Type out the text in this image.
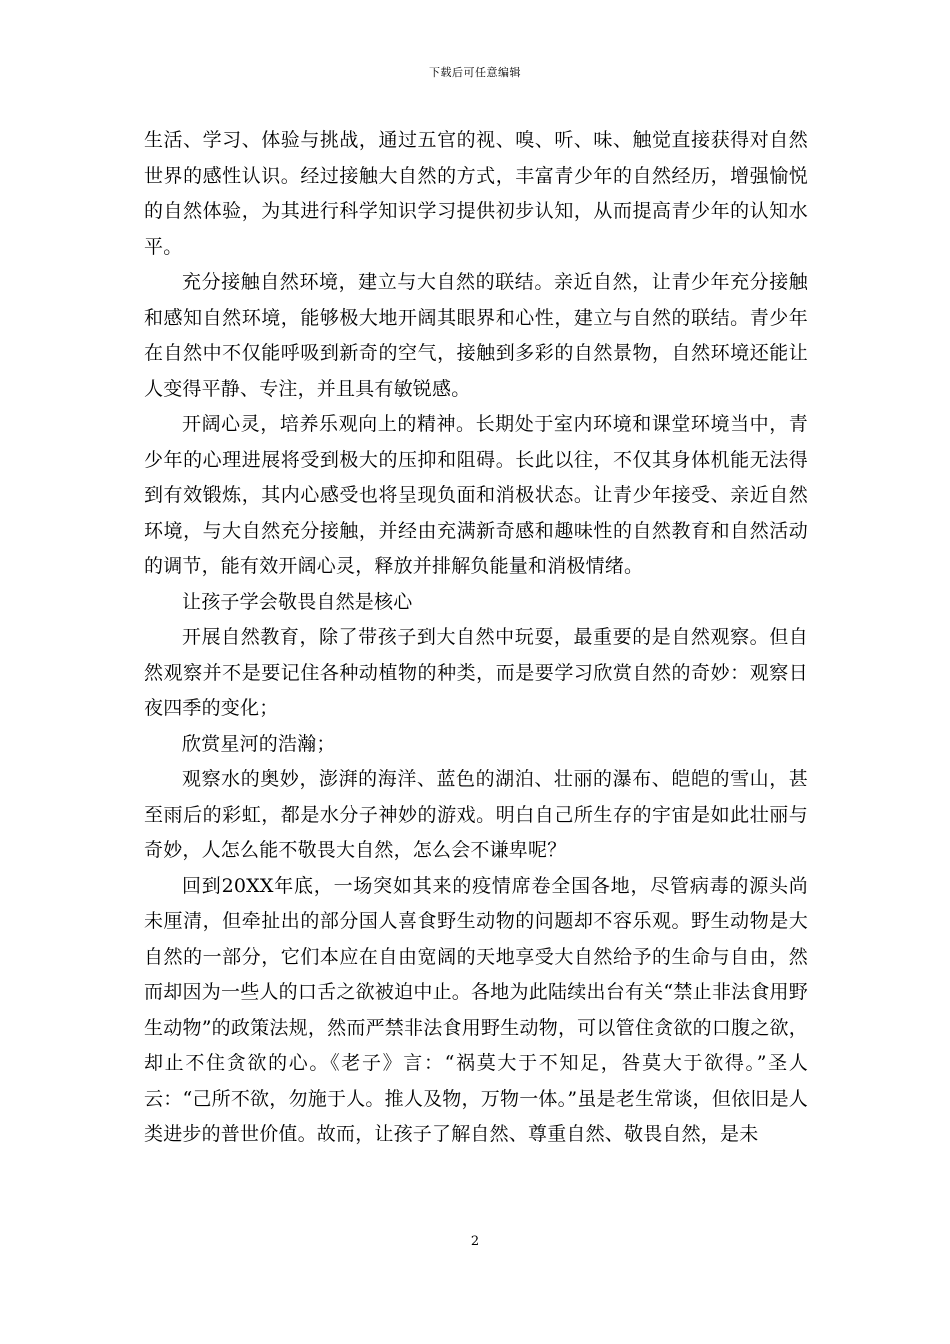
下载后可任意编辑

生活、学习、体验与挑战，通过五官的视、嗅、听、味、触觉直接获得对自然世界的感性认识。经过接触大自然的方式，丰富青少年的自然经历，增强愉悦的自然体验，为其进行科学知识学习提供初步认知，从而提高青少年的认知水平。

充分接触自然环境，建立与大自然的联结。亲近自然，让青少年充分接触和感知自然环境，能够极大地开阔其眼界和心性，建立与自然的联结。青少年在自然中不仅能呼吸到新奇的空气，接触到多彩的自然景物，自然环境还能让人变得平静、专注，并且具有敏锐感。

开阔心灵，培养乐观向上的精神。长期处于室内环境和课堂环境当中，青少年的心理进展将受到极大的压抑和阻碍。长此以往，不仅其身体机能无法得到有效锻炼，其内心感受也将呈现负面和消极状态。让青少年接受、亲近自然环境，与大自然充分接触，并经由充满新奇感和趣味性的自然教育和自然活动的调节，能有效开阔心灵，释放并排解负能量和消极情绪。

让孩子学会敬畏自然是核心

开展自然教育，除了带孩子到大自然中玩耍，最重要的是自然观察。但自然观察并不是要记住各种动植物的种类，而是要学习欣赏自然的奇妙：观察日夜四季的变化；

欣赏星河的浩瀚；

观察水的奥妙，澎湃的海洋、蓝色的湖泊、壮丽的瀑布、皑皑的雪山，甚至雨后的彩虹，都是水分子神妙的游戏。明白自己所生存的宇宙是如此壮丽与奇妙，人怎么能不敬畏大自然，怎么会不谦卑呢？

回到20XX年底，一场突如其来的疫情席卷全国各地，尽管病毒的源头尚未厘清，但牵扯出的部分国人喜食野生动物的问题却不容乐观。野生动物是大自然的一部分，它们本应在自由宽阔的天地享受大自然给予的生命与自由，然而却因为一些人的口舌之欲被迫中止。各地为此陆续出台有关“禁止非法食用野生动物”的政策法规，然而严禁非法食用野生动物，可以管住贪欲的口腹之欲，却止不住贪欲的心。《老子》言：“祸莫大于不知足，咎莫大于欲得。”圣人云：“己所不欲，勿施于人。推人及物，万物一体。”虽是老生常谈，但依旧是人类进步的普世价值。故而，让孩子了解自然、尊重自然、敬畏自然，是未

2
